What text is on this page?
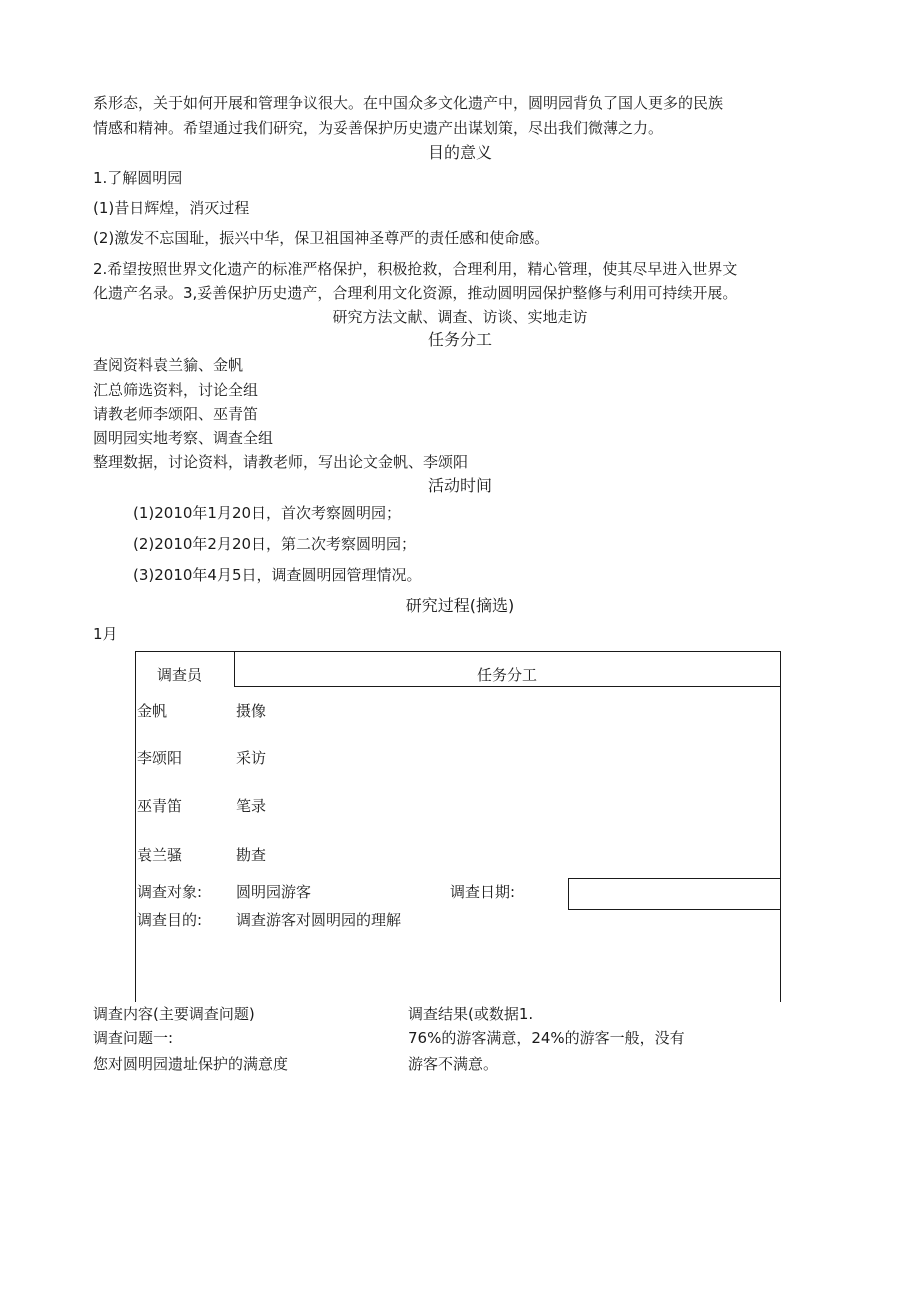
系形态，关于如何开展和管理争议很大。在中国众多文化遗产中，圆明园背负了国人更多的民族
情感和精神。希望通过我们研究，为妥善保护历史遗产出谋划策，尽出我们微薄之力。
目的意义
1.了解圆明园
(1)昔日辉煌，消灭过程
(2)激发不忘国耻，振兴中华，保卫祖国神圣尊严的责任感和使命感。
2.希望按照世界文化遗产的标准严格保护，积极抢救，合理利用，精心管理，使其尽早进入世界文
化遗产名录。3,妥善保护历史遗产，合理利用文化资源，推动圆明园保护整修与利用可持续开展。
研究方法文献、调查、访谈、实地走访
任务分工
查阅资料袁兰貐、金帆
汇总筛选资料，讨论全组
请教老师李颂阳、巫青笛
圆明园实地考察、调查全组
整理数据，讨论资料，请教老师，写出论文金帆、李颂阳
活动时间
(1)2010年1月20日，首次考察圆明园；
(2)2010年2月20日，第二次考察圆明园；
(3)2010年4月5日，调查圆明园管理情况。
研究过程(摘选)
1月
调查员	任务分工
金帆	摄像
李颂阳	采访
巫青笛	笔录
袁兰骚	勘查
调查对象: 圆明园游客	调查日期:
调查目的: 调查游客对圆明园的理解
调查内容(主要调查问题)	调查结果(或数据1.
调查问题一:	76%的游客满意，24%的游客一般，没有
您对圆明园遗址保护的满意度	游客不满意。
